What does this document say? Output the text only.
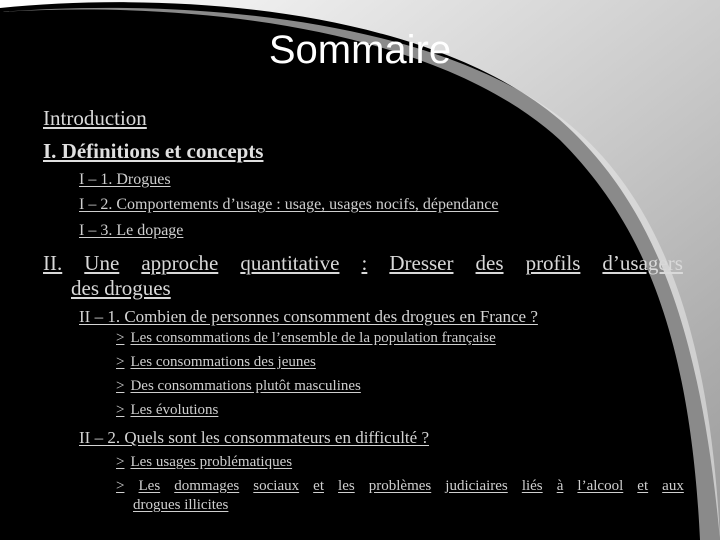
Sommaire
Introduction
I. Définitions et concepts
I – 1. Drogues
I – 2. Comportements d’usage : usage, usages nocifs, dépendance
I – 3. Le dopage
II. Une approche quantitative : Dresser des profils d’usagers
des drogues
II – 1. Combien de personnes consomment des drogues en France ?
> Les consommations de l’ensemble de la population française
> Les consommations des jeunes
> Des consommations plutôt masculines
> Les évolutions
II – 2. Quels sont les consommateurs en difficulté ?
> Les usages problématiques
> Les dommages sociaux et les problèmes judiciaires liés à l’alcool et aux
drogues illicites
